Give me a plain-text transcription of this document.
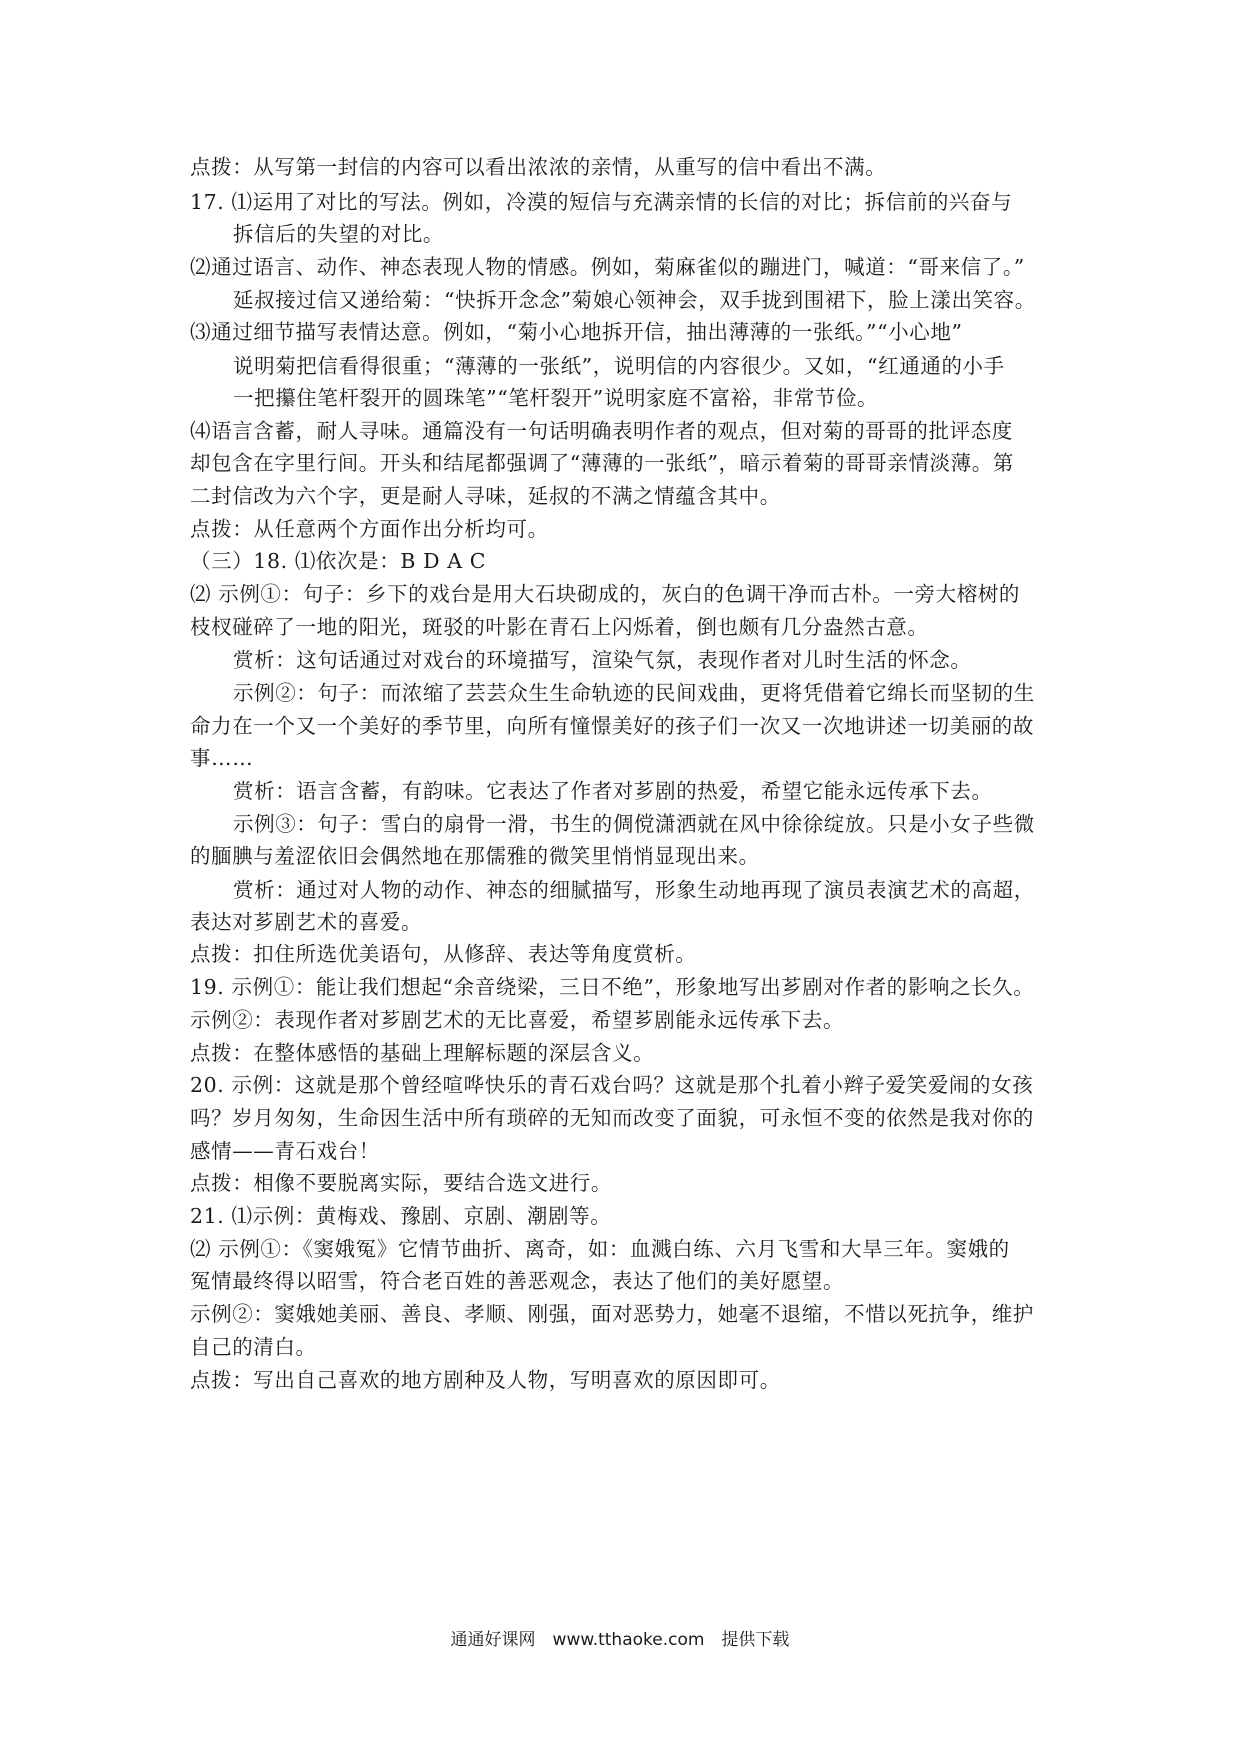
点拨：从写第一封信的内容可以看出浓浓的亲情，从重写的信中看出不满。
17. ⑴运用了对比的写法。例如，冷漠的短信与充满亲情的长信的对比；拆信前的兴奋与
拆信后的失望的对比。
⑵通过语言、动作、神态表现人物的情感。例如，菊麻雀似的蹦进门，喊道：“哥来信了。”
延叔接过信又递给菊：“快拆开念念”菊娘心领神会，双手拢到围裙下，脸上漾出笑容。
⑶通过细节描写表情达意。例如，“菊小心地拆开信，抽出薄薄的一张纸。”“小心地”
说明菊把信看得很重；“薄薄的一张纸”，说明信的内容很少。又如，“红通通的小手
一把攥住笔杆裂开的圆珠笔”“笔杆裂开”说明家庭不富裕，非常节俭。
⑷语言含蓄，耐人寻味。通篇没有一句话明确表明作者的观点，但对菊的哥哥的批评态度
却包含在字里行间。开头和结尾都强调了“薄薄的一张纸”，暗示着菊的哥哥亲情淡薄。第
二封信改为六个字，更是耐人寻味，延叔的不满之情蕴含其中。
点拨：从任意两个方面作出分析均可。
（三）18. ⑴依次是：B D A C
⑵ 示例①：句子：乡下的戏台是用大石块砌成的，灰白的色调干净而古朴。一旁大榕树的
枝杈碰碎了一地的阳光，斑驳的叶影在青石上闪烁着，倒也颇有几分盎然古意。
赏析：这句话通过对戏台的环境描写，渲染气氛，表现作者对儿时生活的怀念。
示例②：句子：而浓缩了芸芸众生生命轨迹的民间戏曲，更将凭借着它绵长而坚韧的生
命力在一个又一个美好的季节里，向所有憧憬美好的孩子们一次又一次地讲述一切美丽的故
事……
赏析：语言含蓄，有韵味。它表达了作者对芗剧的热爱，希望它能永远传承下去。
示例③：句子：雪白的扇骨一滑，书生的倜傥潇洒就在风中徐徐绽放。只是小女子些微
的腼腆与羞涩依旧会偶然地在那儒雅的微笑里悄悄显现出来。
赏析：通过对人物的动作、神态的细腻描写，形象生动地再现了演员表演艺术的高超，
表达对芗剧艺术的喜爱。
点拨：扣住所选优美语句，从修辞、表达等角度赏析。
19. 示例①：能让我们想起“余音绕梁，三日不绝”，形象地写出芗剧对作者的影响之长久。
示例②：表现作者对芗剧艺术的无比喜爱，希望芗剧能永远传承下去。
点拨：在整体感悟的基础上理解标题的深层含义。
20. 示例：这就是那个曾经喧哗快乐的青石戏台吗？这就是那个扎着小辫子爱笑爱闹的女孩
吗？岁月匆匆，生命因生活中所有琐碎的无知而改变了面貌，可永恒不变的依然是我对你的
感情——青石戏台！
点拨：相像不要脱离实际，要结合选文进行。
21. ⑴示例：黄梅戏、豫剧、京剧、潮剧等。
⑵ 示例①：《窦娥冤》它情节曲折、离奇，如：血溅白练、六月飞雪和大旱三年。窦娥的
冤情最终得以昭雪，符合老百姓的善恶观念，表达了他们的美好愿望。
示例②：窦娥她美丽、善良、孝顺、刚强，面对恶势力，她毫不退缩，不惜以死抗争，维护
自己的清白。
点拨：写出自己喜欢的地方剧种及人物，写明喜欢的原因即可。
通通好课网　www.tthaoke.com　提供下载
